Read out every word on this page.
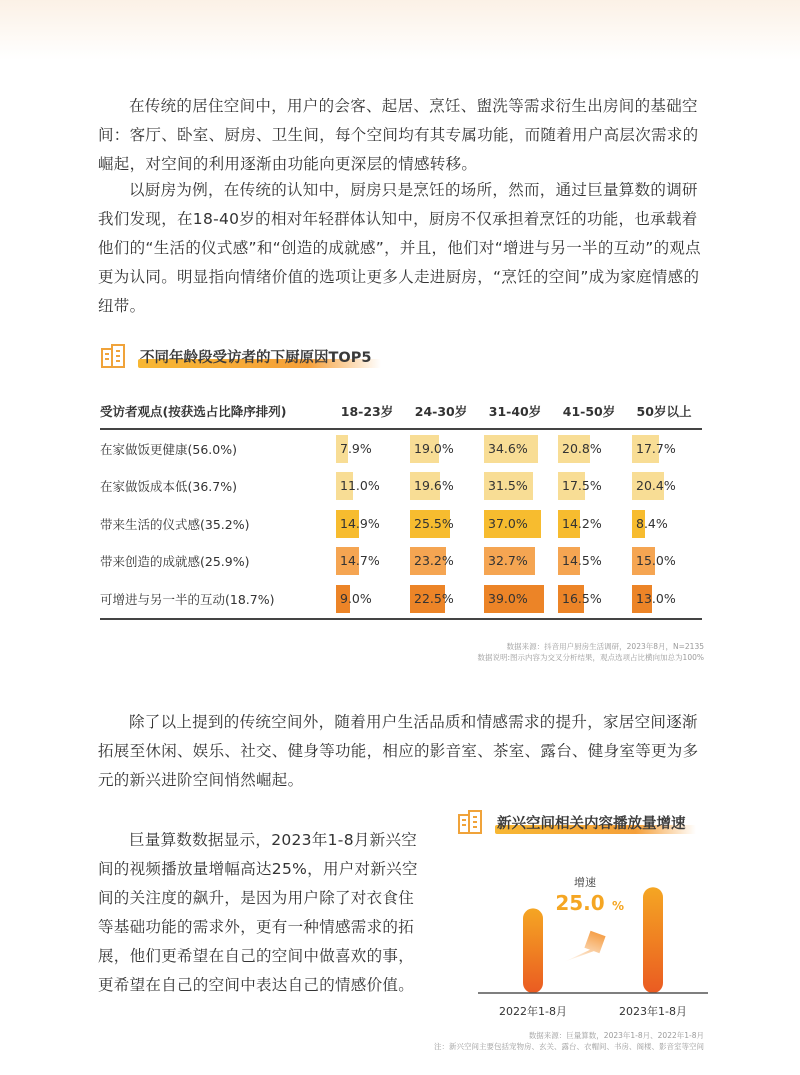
在传统的居住空间中，用户的会客、起居、烹饪、盥洗等需求衍生出房间的基础空间：客厅、卧室、厨房、卫生间，每个空间均有其专属功能，而随着用户高层次需求的崛起，对空间的利用逐渐由功能向更深层的情感转移。

以厨房为例，在传统的认知中，厨房只是烹饪的场所，然而，通过巨量算数的调研我们发现，在18-40岁的相对年轻群体认知中，厨房不仅承担着烹饪的功能，也承载着他们的“生活的仪式感”和“创造的成就感”，并且，他们对“增进与另一半的互动”的观点更为认同。明显指向情绪价值的选项让更多人走进厨房，“烹饪的空间”成为家庭情感的纽带。

不同年龄段受访者的下厨原因TOP5
受访者观点(按获选占比降序排列)	18-23岁	24-30岁	31-40岁	41-50岁	50岁以上
在家做饭更健康(56.0%)	7.9%	19.0%	34.6%	20.8%	17.7%

在家做饭成本低(36.7%)	11.0%	19.6%	31.5%	17.5%	20.4%

带来生活的仪式感(35.2%)	14.9%	25.5%	37.0%	14.2%	8.4%

带来创造的成就感(25.9%)	14.7%	23.2%	32.7%	14.5%	15.0%

可增进与另一半的互动(18.7%)	9.0%	22.5%	39.0%	16.5%	13.0%
数据来源：抖音用户厨房生活调研，2023年8月，N=2135
数据说明:图示内容为交叉分析结果，观点选项占比横向加总为100%

除了以上提到的传统空间外，随着用户生活品质和情感需求的提升，家居空间逐渐拓展至休闲、娱乐、社交、健身等功能，相应的影音室、茶室、露台、健身室等更为多元的新兴进阶空间悄然崛起。

新兴空间相关内容播放量增速

巨量算数数据显示，2023年1-8月新兴空间的视频播放量增幅高达25%，用户对新兴空间的关注度的飙升，是因为用户除了对衣食住等基础功能的需求外，更有一种情感需求的拓展，他们更希望在自己的空间中做喜欢的事，更希望在自己的空间中表达自己的情感价值。

增速
25.0 %
2022年1-8月	2023年1-8月
数据来源：巨量算数，2023年1-8月、2022年1-8月
注：新兴空间主要包括宠物房、玄关、露台、衣帽间、书房、阁楼、影音室等空间
